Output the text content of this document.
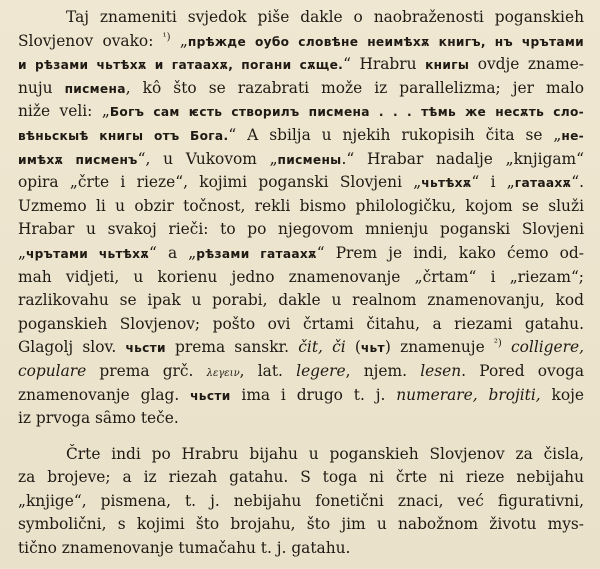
Taj znameniti svjedok piše dakle o naobraženosti poganskieh
Slovjenov ovako: $^{^1)}$ „прѣжде оубо словѣне неимѣхѫ книгъ, нъ чрътами
и рѣзами чьтѣхѫ и гатаахѫ, погани сѫще.“ Hrabru книгы ovdje zname-
nuju писмена, kô što se razabrati može iz parallelizma; jer malo
niže veli: „Богъ сам ѥсть створилъ писмена . . . тѣмь же несѫть сло-
вѣньскыѣ книгы отъ Бога.“ A sbilja u njekih rukopisih čita se „не-
имѣхѫ писменъ“, u Vukovom „писмены.“ Hrabar nadalje „knjigam“
opira „črte i rieze“, kojimi poganski Slovjeni „чьтѣхѫ“ i „гатаахѫ“.
Uzmemo li u obzir točnost, rekli bismo philologičku, kojom se služi
Hrabar u svakoj rieči: to po njegovom mnienju poganski Slovjeni
„чрътами чьтѣхѫ“ a „рѣзами гатаахѫ“ Prem je indi, kako ćemo od-
mah vidjeti, u korienu jedno znamenovanje „črtam“ i „riezam“;
razlikovahu se ipak u porabi, dakle u realnom znamenovanju, kod
poganskieh Slovjenov; pošto ovi črtami čitahu, a riezami gatahu.
Glagolj slov. чьсти prema sanskr. čit, či (чьт) znamenuje $^{^2)}$ colligere,
copulare prema grč. λεγειν, lat. legere, njem. lesen. Pored ovoga
znamenovanje glag. чьсти ima i drugo t. j. numerare, brojiti, koje
iz prvoga sȃmo teče.
Črte indi po Hrabru bijahu u poganskieh Slovjenov za čisla,
za brojeve; a iz riezah gatahu. S toga ni črte ni rieze nebijahu
„knjige“, pismena, t. j. nebijahu fonetični znaci, već figurativni,
symbolični, s kojimi što brojahu, što jim u nabožnom životu mys-
tično znamenovanje tumačahu t. j. gatahu.
